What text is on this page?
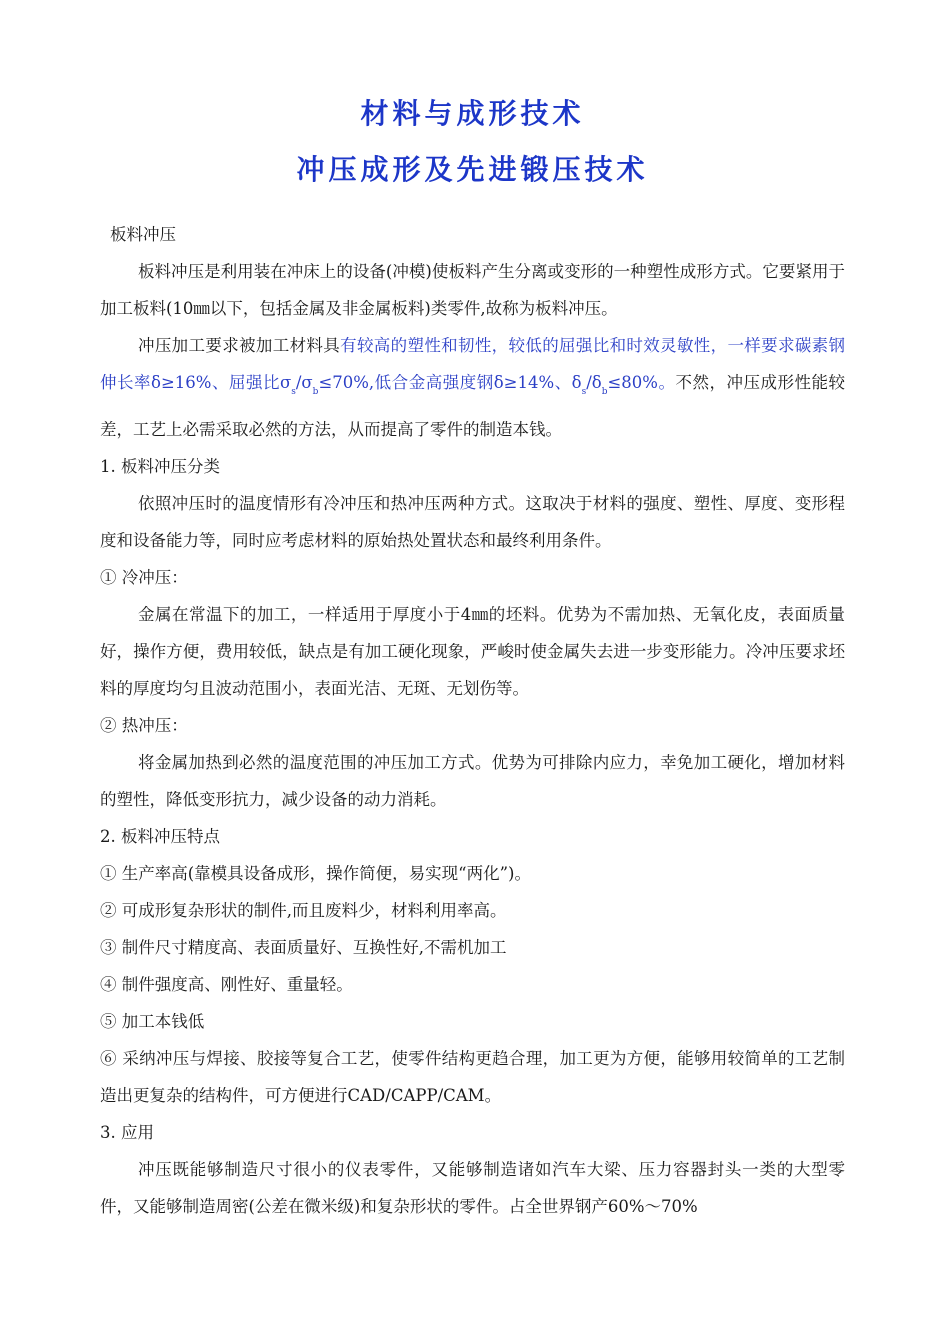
材料与成形技术
冲压成形及先进锻压技术
板料冲压
板料冲压是利用装在冲床上的设备(冲模)使板料产生分离或变形的一种塑性成形方式。它要紧用于加工板料(10㎜以下，包括金属及非金属板料)类零件,故称为板料冲压。
冲压加工要求被加工材料具有较高的塑性和韧性，较低的屈强比和时效灵敏性，一样要求碳素钢伸长率δ≥16%、屈强比$\sigma_s/\sigma_b\le 70\%$,低合金高强度钢δ≥14%、$\delta_s/\delta_b\le 80\%$。不然，冲压成形性能较差，工艺上必需采取必然的方法，从而提高了零件的制造本钱。
1. 板料冲压分类
依照冲压时的温度情形有冷冲压和热冲压两种方式。这取决于材料的强度、塑性、厚度、变形程度和设备能力等，同时应考虑材料的原始热处置状态和最终利用条件。
① 冷冲压：
金属在常温下的加工，一样适用于厚度小于4㎜的坯料。优势为不需加热、无氧化皮，表面质量好，操作方便，费用较低，缺点是有加工硬化现象，严峻时使金属失去进一步变形能力。冷冲压要求坯料的厚度均匀且波动范围小，表面光洁、无斑、无划伤等。
② 热冲压：
将金属加热到必然的温度范围的冲压加工方式。优势为可排除内应力，幸免加工硬化，增加材料的塑性，降低变形抗力，减少设备的动力消耗。
2. 板料冲压特点
① 生产率高(靠模具设备成形，操作简便，易实现“两化”)。
② 可成形复杂形状的制件,而且废料少，材料利用率高。
③ 制件尺寸精度高、表面质量好、互换性好,不需机加工
④ 制件强度高、刚性好、重量轻。
⑤ 加工本钱低
⑥ 采纳冲压与焊接、胶接等复合工艺，使零件结构更趋合理，加工更为方便，能够用较简单的工艺制造出更复杂的结构件，可方便进行CAD/CAPP/CAM。
3. 应用
冲压既能够制造尺寸很小的仪表零件，又能够制造诸如汽车大梁、压力容器封头一类的大型零件，又能够制造周密(公差在微米级)和复杂形状的零件。占全世界钢产60%～70%
